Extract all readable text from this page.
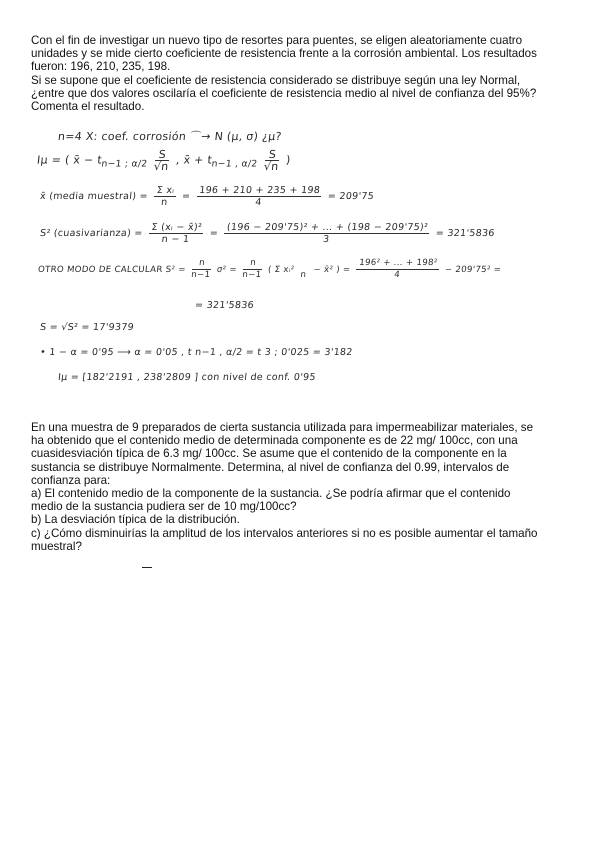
Con el fin de investigar un nuevo tipo de resortes para puentes, se eligen aleatoriamente cuatro
unidades y se mide cierto coeficiente de resistencia frente a la corrosión ambiental. Los resultados
fueron: 196, 210, 235, 198.
Si se supone que el coeficiente de resistencia considerado se distribuye según una ley Normal,
¿entre que dos valores oscilaría el coeficiente de resistencia medio al nivel de confianza del 95%?
Comenta el resultado.
n=4 X: coef. corrosión ⌒→ N (μ, σ) ¿μ?
Iμ = ( x̄ − $t_{n-1 ; \alpha/2} \frac{S}{√n}$ , x̄ + $t_{n-1 , \alpha/2} \frac{S}{√n}$ )
x̄ (media muestral) = $\frac{\text{Σ xᵢ}}{n} = \frac{196 + 210 + 235 + 198}{4} = 209'75$
S² (cuasivarianza) = $\frac{\text{Σ (xᵢ − x̄)²}}{n - 1} = \frac{\text{(196 − 209'75)² + ... + (198 − 209'75)²}}{3} = 321'5836$
OTRO MODO DE CALCULAR $S^2 = \frac{n}{n-1} \sigma^2 = \frac{n}{n-1}$ ( Σ xᵢ²
n − x̄² ) = $\frac{\text{196² + ... + 198²}}{4} - 209'75^2$ =
= 321'5836
S = √S² = 17'9379
• 1 − α = 0'95 ⟶ α = 0'05 , t n−1 , α/2 = t 3 ; 0'025 = 3'182
Iμ = [182'2191 , 238'2809 ] con nivel de conf. 0'95
En una muestra de 9 preparados de cierta sustancia utilizada para impermeabilizar materiales, se
ha obtenido que el contenido medio de determinada componente es de 22 mg/ 100cc, con una
cuasidesviación típica de 6.3 mg/ 100cc. Se asume que el contenido de la componente en la
sustancia se distribuye Normalmente. Determina, al nivel de confianza del 0.99, intervalos de
confianza para:
a) El contenido medio de la componente de la sustancia. ¿Se podría afirmar que el contenido
medio de la sustancia pudiera ser de 10 mg/100cc?
b) La desviación típica de la distribución.
c) ¿Cómo disminuirías la amplitud de los intervalos anteriores si no es posible aumentar el tamaño
muestral?
